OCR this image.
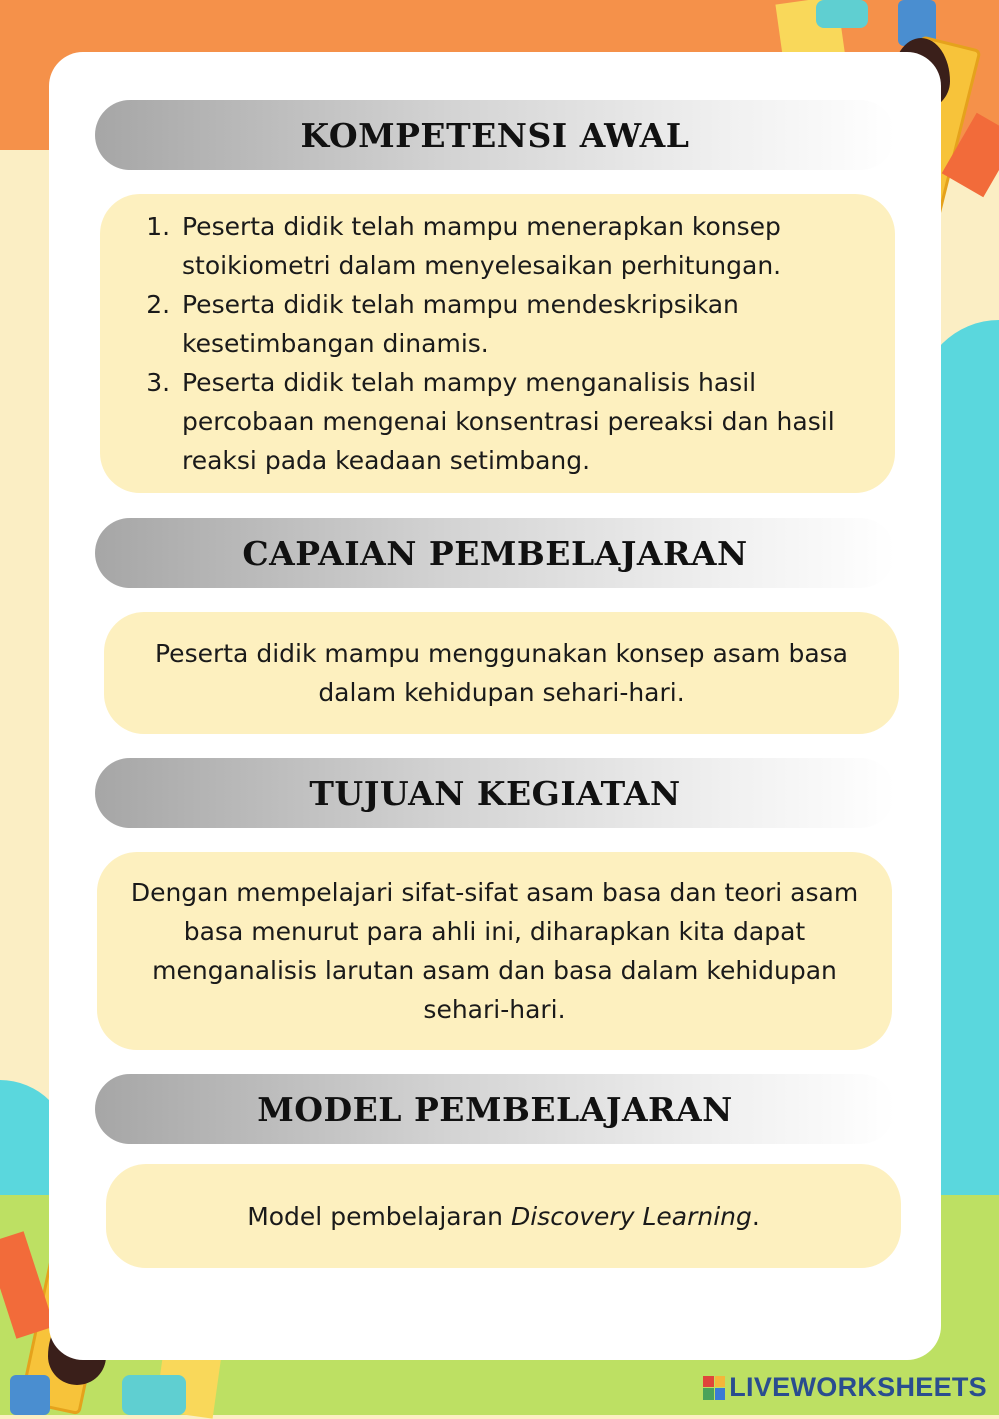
KOMPETENSI AWAL
1. Peserta didik telah mampu menerapkan konsep stoikiometri dalam menyelesaikan perhitungan.
2. Peserta didik telah mampu mendeskripsikan kesetimbangan dinamis.
3. Peserta didik telah mampy menganalisis hasil percobaan mengenai konsentrasi pereaksi dan hasil reaksi pada keadaan setimbang.
CAPAIAN PEMBELAJARAN
Peserta didik mampu menggunakan konsep asam basa dalam kehidupan sehari-hari.
TUJUAN KEGIATAN
Dengan mempelajari sifat-sifat asam basa dan teori asam basa menurut para ahli ini, diharapkan kita dapat menganalisis larutan asam dan basa dalam kehidupan sehari-hari.
MODEL PEMBELAJARAN
Model pembelajaran Discovery Learning.
LIVEWORKSHEETS
